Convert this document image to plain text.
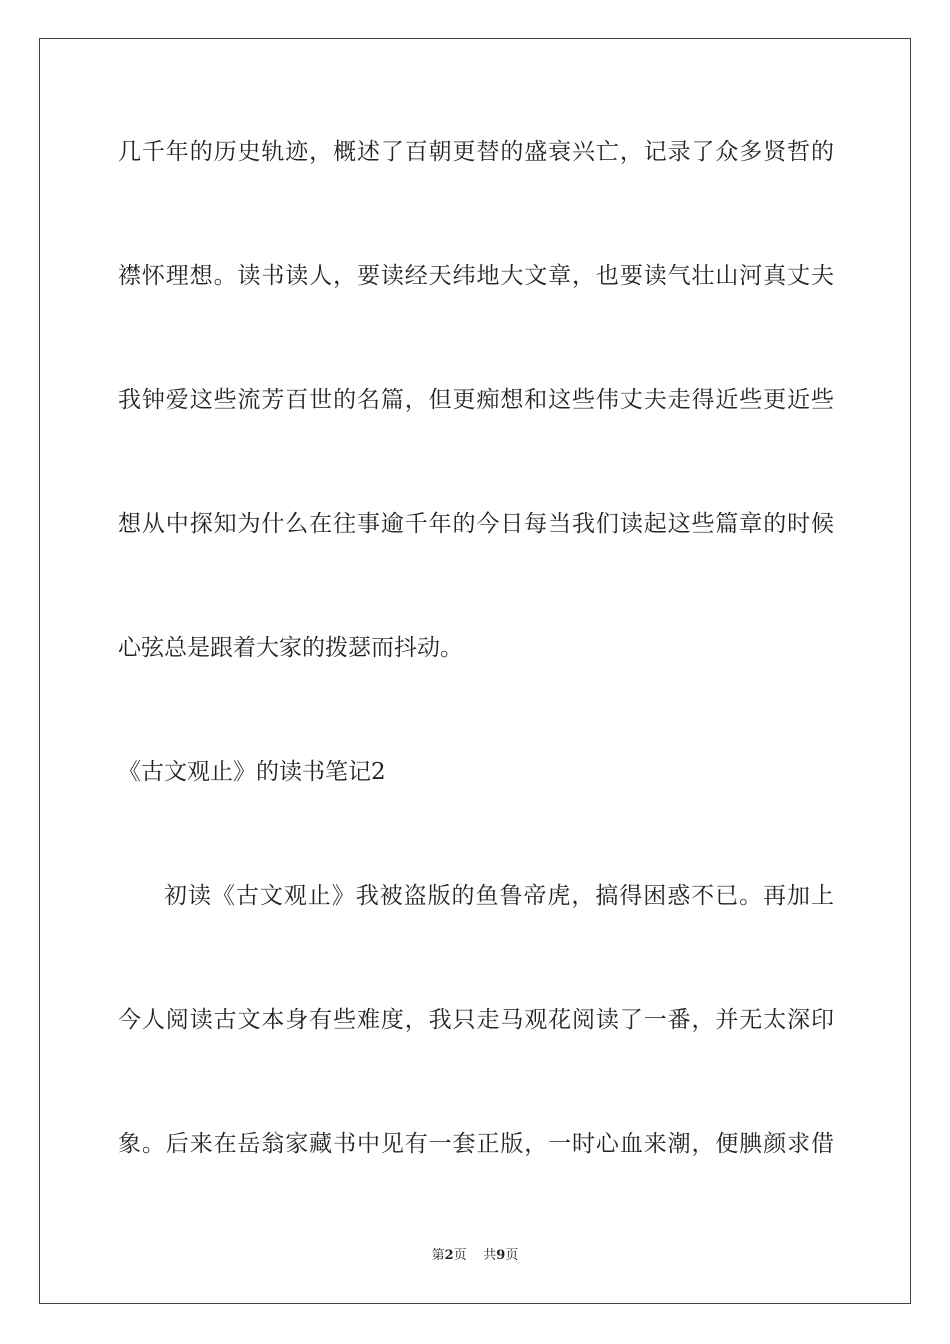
几千年的历史轨迹，概述了百朝更替的盛衰兴亡，记录了众多贤哲的
襟怀理想。读书读人，要读经天纬地大文章，也要读气壮山河真丈夫
我钟爱这些流芳百世的名篇，但更痴想和这些伟丈夫走得近些更近些
想从中探知为什么在往事逾千年的今日每当我们读起这些篇章的时候
心弦总是跟着大家的拨瑟而抖动。
《古文观止》的读书笔记2
初读《古文观止》我被盗版的鱼鲁帝虎，搞得困惑不已。再加上
今人阅读古文本身有些难度，我只走马观花阅读了一番，并无太深印
象。后来在岳翁家藏书中见有一套正版，一时心血来潮，便腆颜求借
第2页 共9页
